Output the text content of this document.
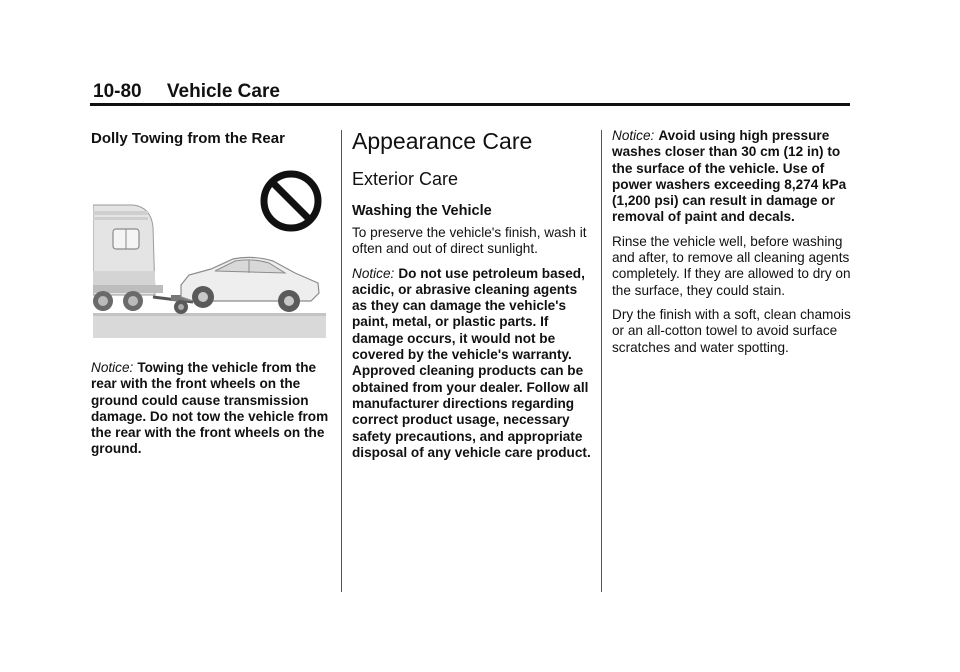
10-80 Vehicle Care
Dolly Towing from the Rear

Notice: Towing the vehicle from the rear with the front wheels on the ground could cause transmission damage. Do not tow the vehicle from the rear with the front wheels on the ground.

Appearance Care
Exterior Care
Washing the Vehicle

To preserve the vehicle's finish, wash it often and out of direct sunlight.

Notice: Do not use petroleum based, acidic, or abrasive cleaning agents as they can damage the vehicle's paint, metal, or plastic parts. If damage occurs, it would not be covered by the vehicle's warranty. Approved cleaning products can be obtained from your dealer. Follow all manufacturer directions regarding correct product usage, necessary safety precautions, and appropriate disposal of any vehicle care product.

Notice: Avoid using high pressure washes closer than 30 cm (12 in) to the surface of the vehicle. Use of power washers exceeding 8,274 kPa (1,200 psi) can result in damage or removal of paint and decals.

Rinse the vehicle well, before washing and after, to remove all cleaning agents completely. If they are allowed to dry on the surface, they could stain.

Dry the finish with a soft, clean chamois or an all-cotton towel to avoid surface scratches and water spotting.
